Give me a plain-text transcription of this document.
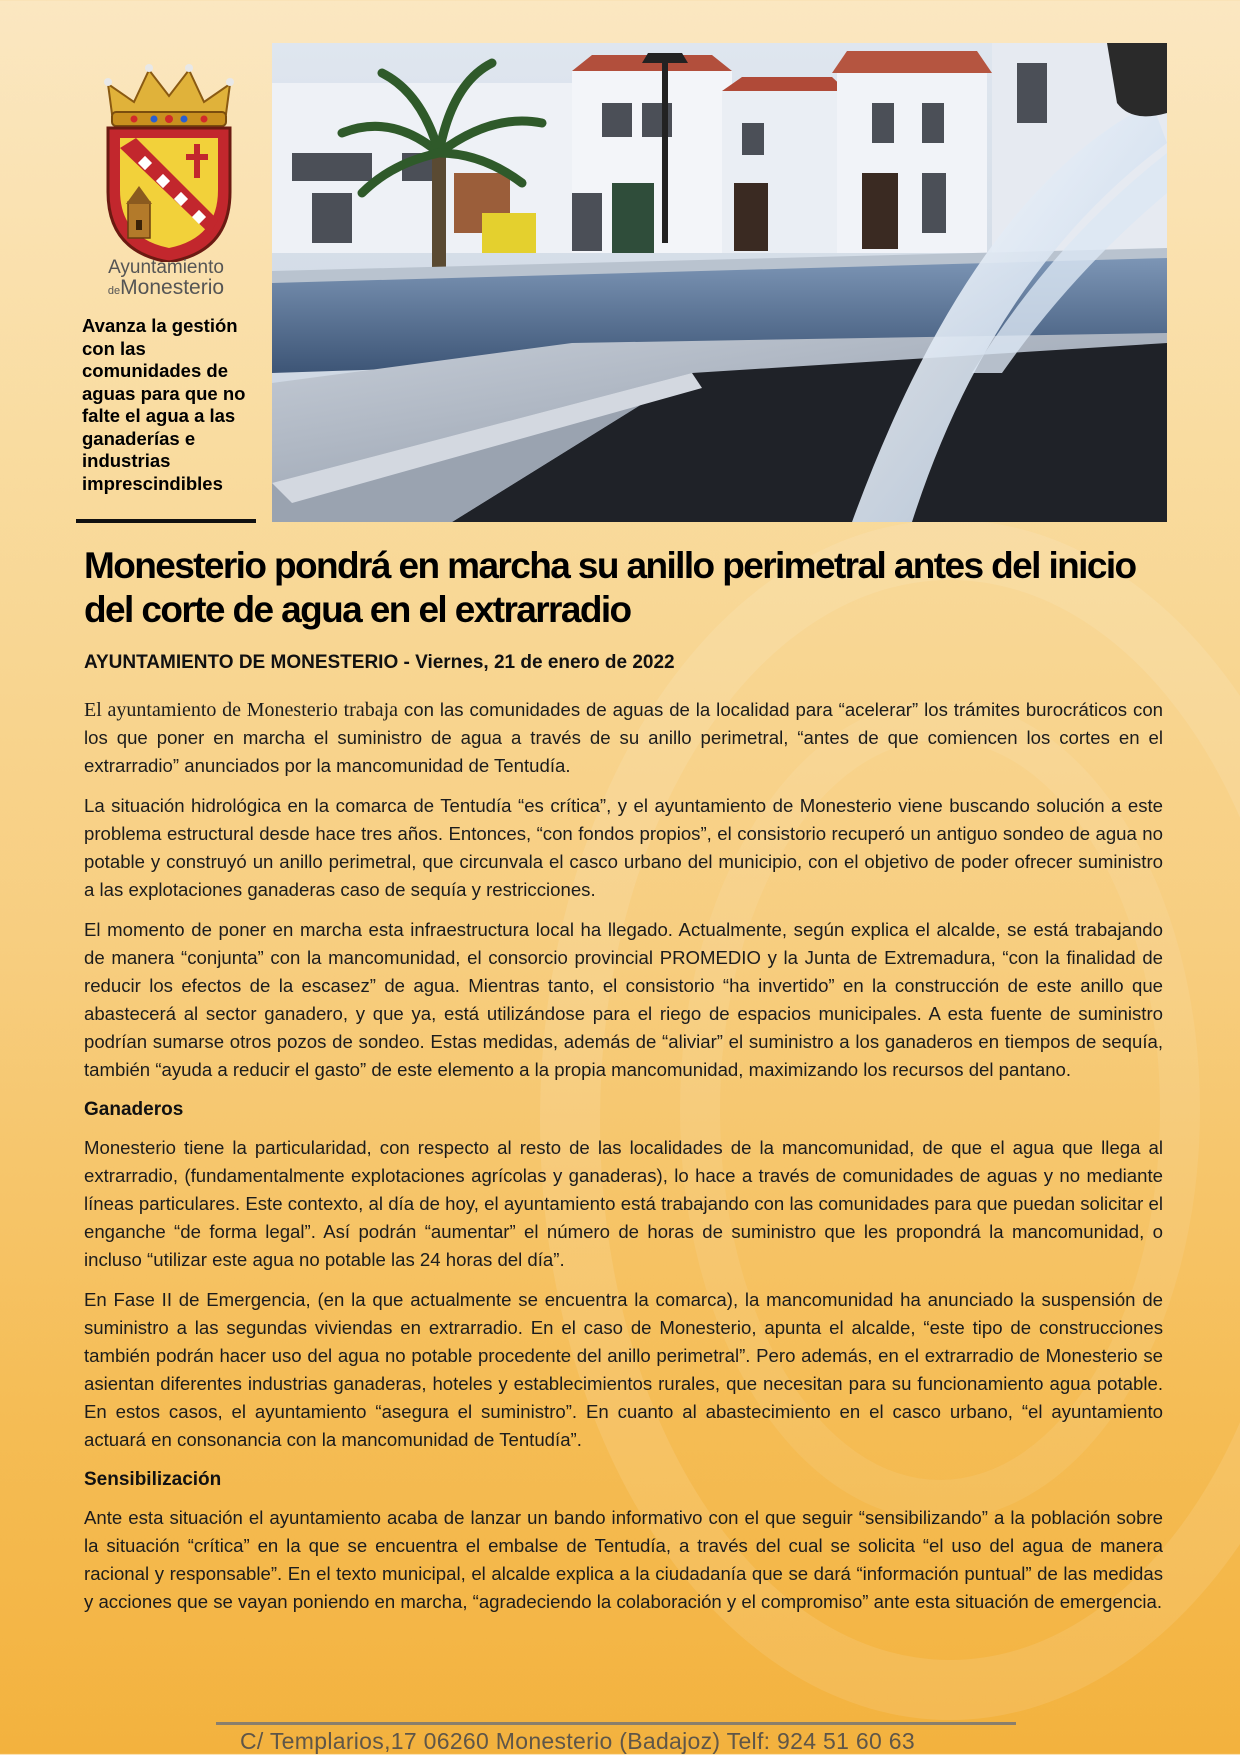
Ayuntamiento
deMonesterio
Avanza la gestión con las comunidades de aguas para que no falte el agua a las ganaderías e industrias imprescindibles
Monesterio pondrá en marcha su anillo perimetral antes del inicio del corte de agua en el extrarradio
AYUNTAMIENTO DE MONESTERIO - Viernes, 21 de enero de 2022

El ayuntamiento de Monesterio trabaja con las comunidades de aguas de la localidad para “acelerar” los trámites burocráticos con los que poner en marcha el suministro de agua a través de su anillo perimetral, “antes de que comiencen los cortes en el extrarradio” anunciados por la mancomunidad de Tentudía.

La situación hidrológica en la comarca de Tentudía “es crítica”, y el ayuntamiento de Monesterio viene buscando solución a este problema estructural desde hace tres años. Entonces, “con fondos propios”, el consistorio recuperó un antiguo sondeo de agua no potable y construyó un anillo perimetral, que circunvala el casco urbano del municipio, con el objetivo de poder ofrecer suministro a las explotaciones ganaderas caso de sequía y restricciones.

El momento de poner en marcha esta infraestructura local ha llegado. Actualmente, según explica el alcalde, se está trabajando de manera “conjunta” con la mancomunidad, el consorcio provincial PROMEDIO y la Junta de Extremadura, “con la finalidad de reducir los efectos de la escasez” de agua. Mientras tanto, el consistorio “ha invertido” en la construcción de este anillo que abastecerá al sector ganadero, y que ya, está utilizándose para el riego de espacios municipales. A esta fuente de suministro podrían sumarse otros pozos de sondeo. Estas medidas, además de “aliviar” el suministro a los ganaderos en tiempos de sequía, también “ayuda a reducir el gasto” de este elemento a la propia mancomunidad, maximizando los recursos del pantano.

Ganaderos

Monesterio tiene la particularidad, con respecto al resto de las localidades de la mancomunidad, de que el agua que llega al extrarradio, (fundamentalmente explotaciones agrícolas y ganaderas), lo hace a través de comunidades de aguas y no mediante líneas particulares. Este contexto, al día de hoy, el ayuntamiento está trabajando con las comunidades para que puedan solicitar el enganche “de forma legal”. Así podrán “aumentar” el número de horas de suministro que les propondrá la mancomunidad, o incluso “utilizar este agua no potable las 24 horas del día”.

En Fase II de Emergencia, (en la que actualmente se encuentra la comarca), la mancomunidad ha anunciado la suspensión de suministro a las segundas viviendas en extrarradio. En el caso de Monesterio, apunta el alcalde, “este tipo de construcciones también podrán hacer uso del agua no potable procedente del anillo perimetral”. Pero además, en el extrarradio de Monesterio se asientan diferentes industrias ganaderas, hoteles y establecimientos rurales, que necesitan para su funcionamiento agua potable. En estos casos, el ayuntamiento “asegura el suministro”. En cuanto al abastecimiento en el casco urbano, “el ayuntamiento actuará en consonancia con la mancomunidad de Tentudía”.

Sensibilización

Ante esta situación el ayuntamiento acaba de lanzar un bando informativo con el que seguir “sensibilizando” a la población sobre la situación “crítica” en la que se encuentra el embalse de Tentudía, a través del cual se solicita “el uso del agua de manera racional y responsable”. En el texto municipal, el alcalde explica a la ciudadanía que se dará “información puntual” de las medidas y acciones que se vayan poniendo en marcha, “agradeciendo la colaboración y el compromiso” ante esta situación de emergencia.

C/ Templarios,17 06260 Monesterio (Badajoz) Telf: 924 51 60 63
